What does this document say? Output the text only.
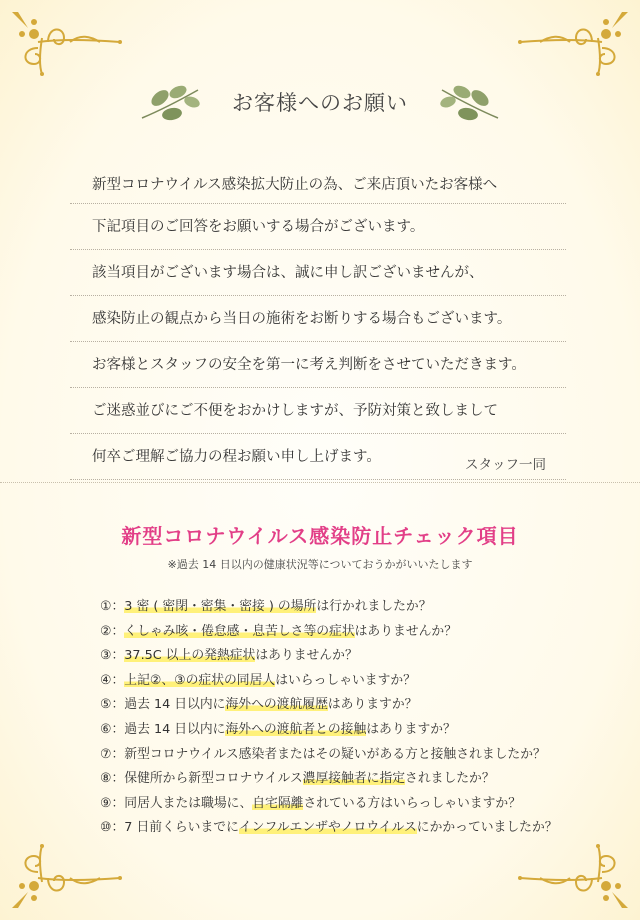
お客様へのお願い
新型コロナウイルス感染拡大防止の為、ご来店頂いたお客様へ
下記項目のご回答をお願いする場合がございます。
該当項目がございます場合は、誠に申し訳ございませんが、
感染防止の観点から当日の施術をお断りする場合もございます。
お客様とスタッフの安全を第一に考え判断をさせていただきます。
ご迷惑並びにご不便をおかけしますが、予防対策と致しまして
何卒ご理解ご協力の程お願い申し上げます。	スタッフ一同
新型コロナウイルス感染防止チェック項目
※過去 14 日以内の健康状況等についておうかがいいたします
①：3 密 ( 密閉・密集・密接 ) の場所は行かれましたか？
②：くしゃみ咳・倦怠感・息苦しさ等の症状はありませんか？
③：37.5C 以上の発熱症状はありませんか？
④：上記②、③の症状の同居人はいらっしゃいますか？
⑤：過去 14 日以内に海外への渡航履歴はありますか？
⑥：過去 14 日以内に海外への渡航者との接触はありますか？
⑦：新型コロナウイルス感染者またはその疑いがある方と接触されましたか？
⑧：保健所から新型コロナウイルス濃厚接触者に指定されましたか？
⑨：同居人または職場に、自宅隔離されている方はいらっしゃいますか？
⑩：7 日前くらいまでにインフルエンザやノロウイルスにかかっていましたか？
